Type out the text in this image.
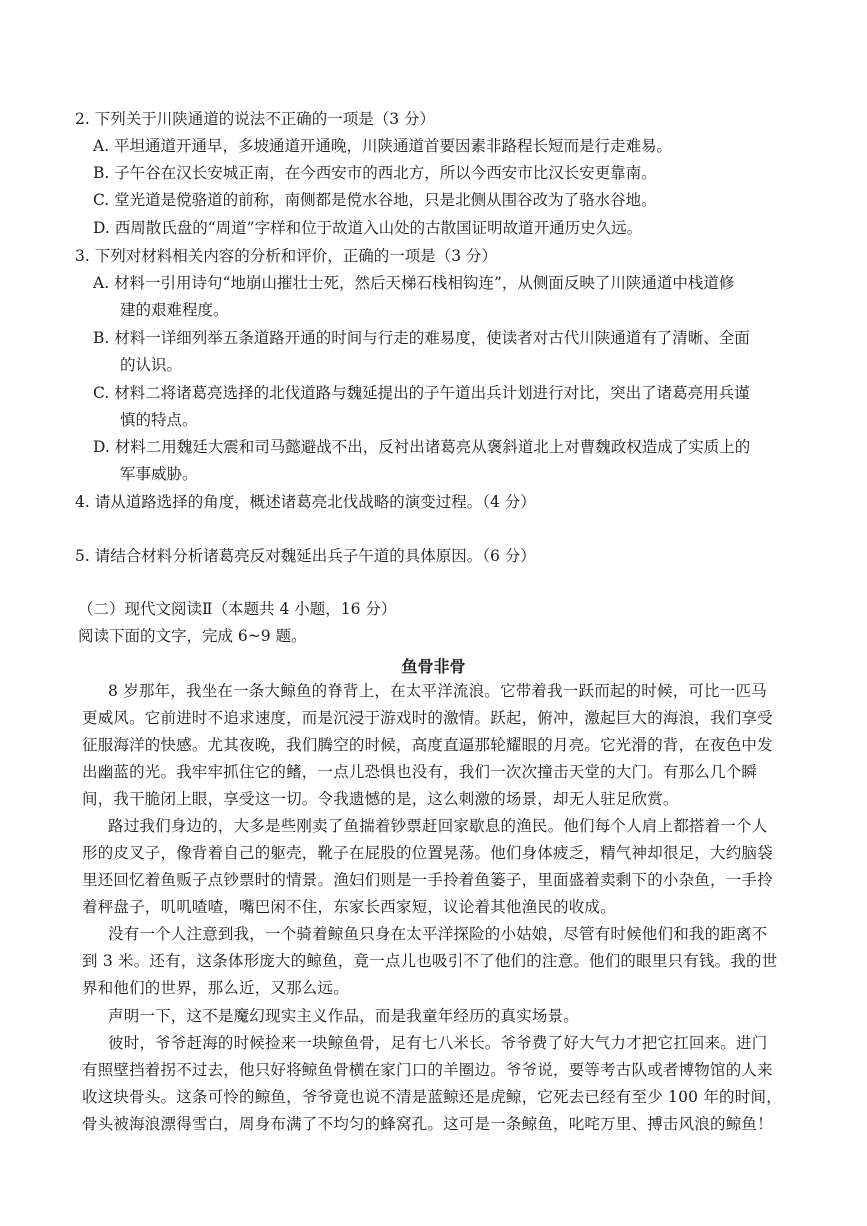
2. 下列关于川陕通道的说法不正确的一项是（3 分）
A. 平坦通道开通早，多坡通道开通晚，川陕通道首要因素非路程长短而是行走难易。
B. 子午谷在汉长安城正南，在今西安市的西北方，所以今西安市比汉长安更靠南。
C. 堂光道是傥骆道的前称，南侧都是傥水谷地，只是北侧从围谷改为了骆水谷地。
D. 西周散氏盘的“周道”字样和位于故道入山处的古散国证明故道开通历史久远。
3. 下列对材料相关内容的分析和评价，正确的一项是（3 分）
A. 材料一引用诗句“地崩山摧壮士死，然后天梯石栈相钩连”，从侧面反映了川陕通道中栈道修
建的艰难程度。
B. 材料一详细列举五条道路开通的时间与行走的难易度，使读者对古代川陕通道有了清晰、全面
的认识。
C. 材料二将诸葛亮选择的北伐道路与魏延提出的子午道出兵计划进行对比，突出了诸葛亮用兵谨
慎的特点。
D. 材料二用魏廷大震和司马懿避战不出，反衬出诸葛亮从褒斜道北上对曹魏政权造成了实质上的
军事威胁。
4. 请从道路选择的角度，概述诸葛亮北伐战略的演变过程。（4 分）
5. 请结合材料分析诸葛亮反对魏延出兵子午道的具体原因。（6 分）
（二）现代文阅读Ⅱ（本题共 4 小题，16 分）
阅读下面的文字，完成 6~9 题。
鱼骨非骨
8 岁那年，我坐在一条大鲸鱼的脊背上，在太平洋流浪。它带着我一跃而起的时候，可比一匹马
更威风。它前进时不追求速度，而是沉浸于游戏时的激情。跃起，俯冲，激起巨大的海浪，我们享受
征服海洋的快感。尤其夜晚，我们腾空的时候，高度直逼那轮耀眼的月亮。它光滑的背，在夜色中发
出幽蓝的光。我牢牢抓住它的鳍，一点儿恐惧也没有，我们一次次撞击天堂的大门。有那么几个瞬
间，我干脆闭上眼，享受这一切。令我遗憾的是，这么刺激的场景，却无人驻足欣赏。
路过我们身边的，大多是些刚卖了鱼揣着钞票赶回家歇息的渔民。他们每个人肩上都搭着一个人
形的皮叉子，像背着自己的躯壳，靴子在屁股的位置晃荡。他们身体疲乏，精气神却很足，大约脑袋
里还回忆着鱼贩子点钞票时的情景。渔妇们则是一手拎着鱼篓子，里面盛着卖剩下的小杂鱼，一手拎
着秤盘子，叽叽喳喳，嘴巴闲不住，东家长西家短，议论着其他渔民的收成。
没有一个人注意到我，一个骑着鲸鱼只身在太平洋探险的小姑娘，尽管有时候他们和我的距离不
到 3 米。还有，这条体形庞大的鲸鱼，竟一点儿也吸引不了他们的注意。他们的眼里只有钱。我的世
界和他们的世界，那么近，又那么远。
声明一下，这不是魔幻现实主义作品，而是我童年经历的真实场景。
彼时，爷爷赶海的时候捡来一块鲸鱼骨，足有七八米长。爷爷费了好大气力才把它扛回来。进门
有照壁挡着拐不过去，他只好将鲸鱼骨横在家门口的羊圈边。爷爷说，要等考古队或者博物馆的人来
收这块骨头。这条可怜的鲸鱼，爷爷竟也说不清是蓝鲸还是虎鲸，它死去已经有至少 100 年的时间，
骨头被海浪漂得雪白，周身布满了不均匀的蜂窝孔。这可是一条鲸鱼，叱咤万里、搏击风浪的鲸鱼！
